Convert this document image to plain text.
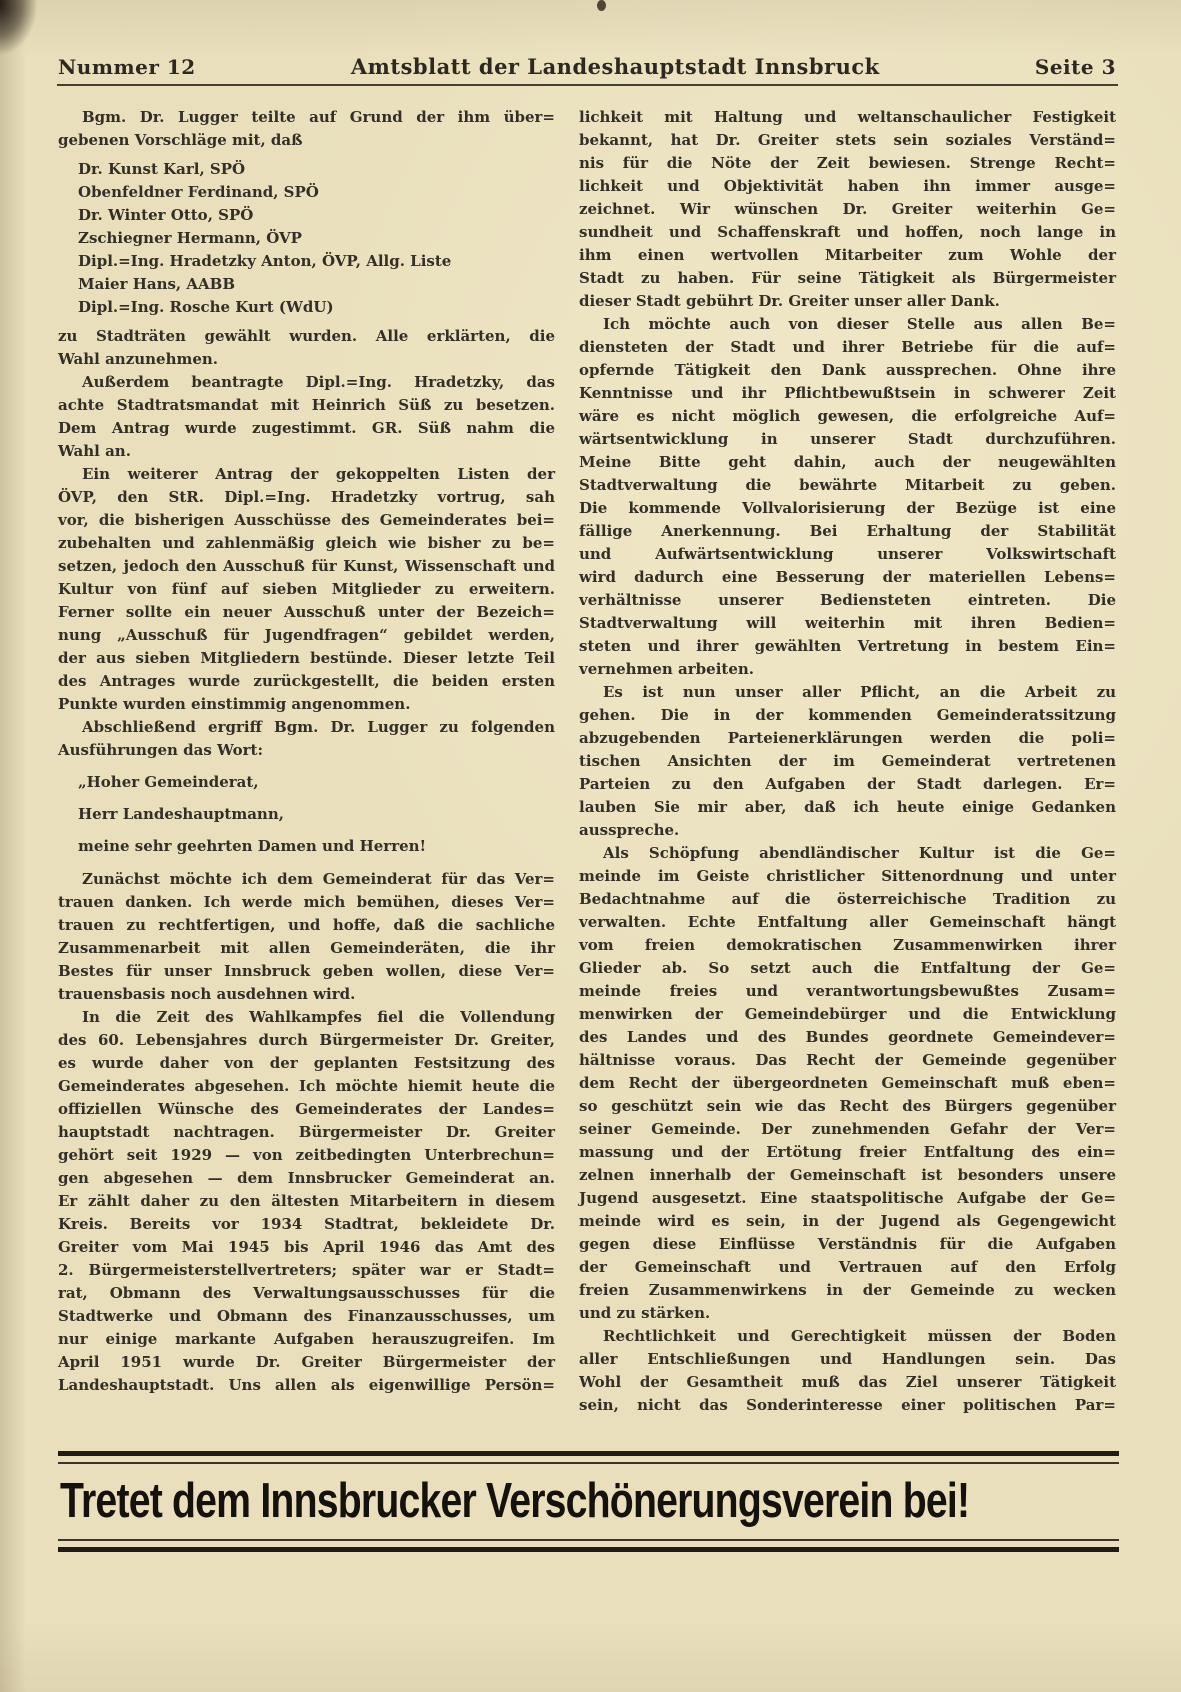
Nummer 12	Amtsblatt der Landeshauptstadt Innsbruck	Seite 3
Bgm. Dr. Lugger teilte auf Grund der ihm über=
gebenen Vorschläge mit, daß
Dr. Kunst Karl, SPÖ
Obenfeldner Ferdinand, SPÖ
Dr. Winter Otto, SPÖ
Zschiegner Hermann, ÖVP
Dipl.=Ing. Hradetzky Anton, ÖVP, Allg. Liste
Maier Hans, AABB
Dipl.=Ing. Rosche Kurt (WdU)
zu Stadträten gewählt wurden. Alle erklärten, die
Wahl anzunehmen.
Außerdem beantragte Dipl.=Ing. Hradetzky, das
achte Stadtratsmandat mit Heinrich Süß zu besetzen.
Dem Antrag wurde zugestimmt. GR. Süß nahm die
Wahl an.
Ein weiterer Antrag der gekoppelten Listen der
ÖVP, den StR. Dipl.=Ing. Hradetzky vortrug, sah
vor, die bisherigen Ausschüsse des Gemeinderates bei=
zubehalten und zahlenmäßig gleich wie bisher zu be=
setzen, jedoch den Ausschuß für Kunst, Wissenschaft und
Kultur von fünf auf sieben Mitglieder zu erweitern.
Ferner sollte ein neuer Ausschuß unter der Bezeich=
nung „Ausschuß für Jugendfragen“ gebildet werden,
der aus sieben Mitgliedern bestünde. Dieser letzte Teil
des Antrages wurde zurückgestellt, die beiden ersten
Punkte wurden einstimmig angenommen.
Abschließend ergriff Bgm. Dr. Lugger zu folgenden
Ausführungen das Wort:
„Hoher Gemeinderat,
Herr Landeshauptmann,
meine sehr geehrten Damen und Herren!
Zunächst möchte ich dem Gemeinderat für das Ver=
trauen danken. Ich werde mich bemühen, dieses Ver=
trauen zu rechtfertigen, und hoffe, daß die sachliche
Zusammenarbeit mit allen Gemeinderäten, die ihr
Bestes für unser Innsbruck geben wollen, diese Ver=
trauensbasis noch ausdehnen wird.
In die Zeit des Wahlkampfes fiel die Vollendung
des 60. Lebensjahres durch Bürgermeister Dr. Greiter,
es wurde daher von der geplanten Festsitzung des
Gemeinderates abgesehen. Ich möchte hiemit heute die
offiziellen Wünsche des Gemeinderates der Landes=
hauptstadt nachtragen. Bürgermeister Dr. Greiter
gehört seit 1929 — von zeitbedingten Unterbrechun=
gen abgesehen — dem Innsbrucker Gemeinderat an.
Er zählt daher zu den ältesten Mitarbeitern in diesem
Kreis. Bereits vor 1934 Stadtrat, bekleidete Dr.
Greiter vom Mai 1945 bis April 1946 das Amt des
2. Bürgermeisterstellvertreters; später war er Stadt=
rat, Obmann des Verwaltungsausschusses für die
Stadtwerke und Obmann des Finanzausschusses, um
nur einige markante Aufgaben herauszugreifen. Im
April 1951 wurde Dr. Greiter Bürgermeister der
Landeshauptstadt. Uns allen als eigenwillige Persön=
lichkeit mit Haltung und weltanschaulicher Festigkeit
bekannt, hat Dr. Greiter stets sein soziales Verständ=
nis für die Nöte der Zeit bewiesen. Strenge Recht=
lichkeit und Objektivität haben ihn immer ausge=
zeichnet. Wir wünschen Dr. Greiter weiterhin Ge=
sundheit und Schaffenskraft und hoffen, noch lange in
ihm einen wertvollen Mitarbeiter zum Wohle der
Stadt zu haben. Für seine Tätigkeit als Bürgermeister
dieser Stadt gebührt Dr. Greiter unser aller Dank.
Ich möchte auch von dieser Stelle aus allen Be=
diensteten der Stadt und ihrer Betriebe für die auf=
opfernde Tätigkeit den Dank aussprechen. Ohne ihre
Kenntnisse und ihr Pflichtbewußtsein in schwerer Zeit
wäre es nicht möglich gewesen, die erfolgreiche Auf=
wärtsentwicklung in unserer Stadt durchzuführen.
Meine Bitte geht dahin, auch der neugewählten
Stadtverwaltung die bewährte Mitarbeit zu geben.
Die kommende Vollvalorisierung der Bezüge ist eine
fällige Anerkennung. Bei Erhaltung der Stabilität
und Aufwärtsentwicklung unserer Volkswirtschaft
wird dadurch eine Besserung der materiellen Lebens=
verhältnisse unserer Bediensteten eintreten. Die
Stadtverwaltung will weiterhin mit ihren Bedien=
steten und ihrer gewählten Vertretung in bestem Ein=
vernehmen arbeiten.
Es ist nun unser aller Pflicht, an die Arbeit zu
gehen. Die in der kommenden Gemeinderatssitzung
abzugebenden Parteienerklärungen werden die poli=
tischen Ansichten der im Gemeinderat vertretenen
Parteien zu den Aufgaben der Stadt darlegen. Er=
lauben Sie mir aber, daß ich heute einige Gedanken
ausspreche.
Als Schöpfung abendländischer Kultur ist die Ge=
meinde im Geiste christlicher Sittenordnung und unter
Bedachtnahme auf die österreichische Tradition zu
verwalten. Echte Entfaltung aller Gemeinschaft hängt
vom freien demokratischen Zusammenwirken ihrer
Glieder ab. So setzt auch die Entfaltung der Ge=
meinde freies und verantwortungsbewußtes Zusam=
menwirken der Gemeindebürger und die Entwicklung
des Landes und des Bundes geordnete Gemeindever=
hältnisse voraus. Das Recht der Gemeinde gegenüber
dem Recht der übergeordneten Gemeinschaft muß eben=
so geschützt sein wie das Recht des Bürgers gegenüber
seiner Gemeinde. Der zunehmenden Gefahr der Ver=
massung und der Ertötung freier Entfaltung des ein=
zelnen innerhalb der Gemeinschaft ist besonders unsere
Jugend ausgesetzt. Eine staatspolitische Aufgabe der Ge=
meinde wird es sein, in der Jugend als Gegengewicht
gegen diese Einflüsse Verständnis für die Aufgaben
der Gemeinschaft und Vertrauen auf den Erfolg
freien Zusammenwirkens in der Gemeinde zu wecken
und zu stärken.
Rechtlichkeit und Gerechtigkeit müssen der Boden
aller Entschließungen und Handlungen sein. Das
Wohl der Gesamtheit muß das Ziel unserer Tätigkeit
sein, nicht das Sonderinteresse einer politischen Par=
Tretet dem Innsbrucker Verschönerungsverein bei!
